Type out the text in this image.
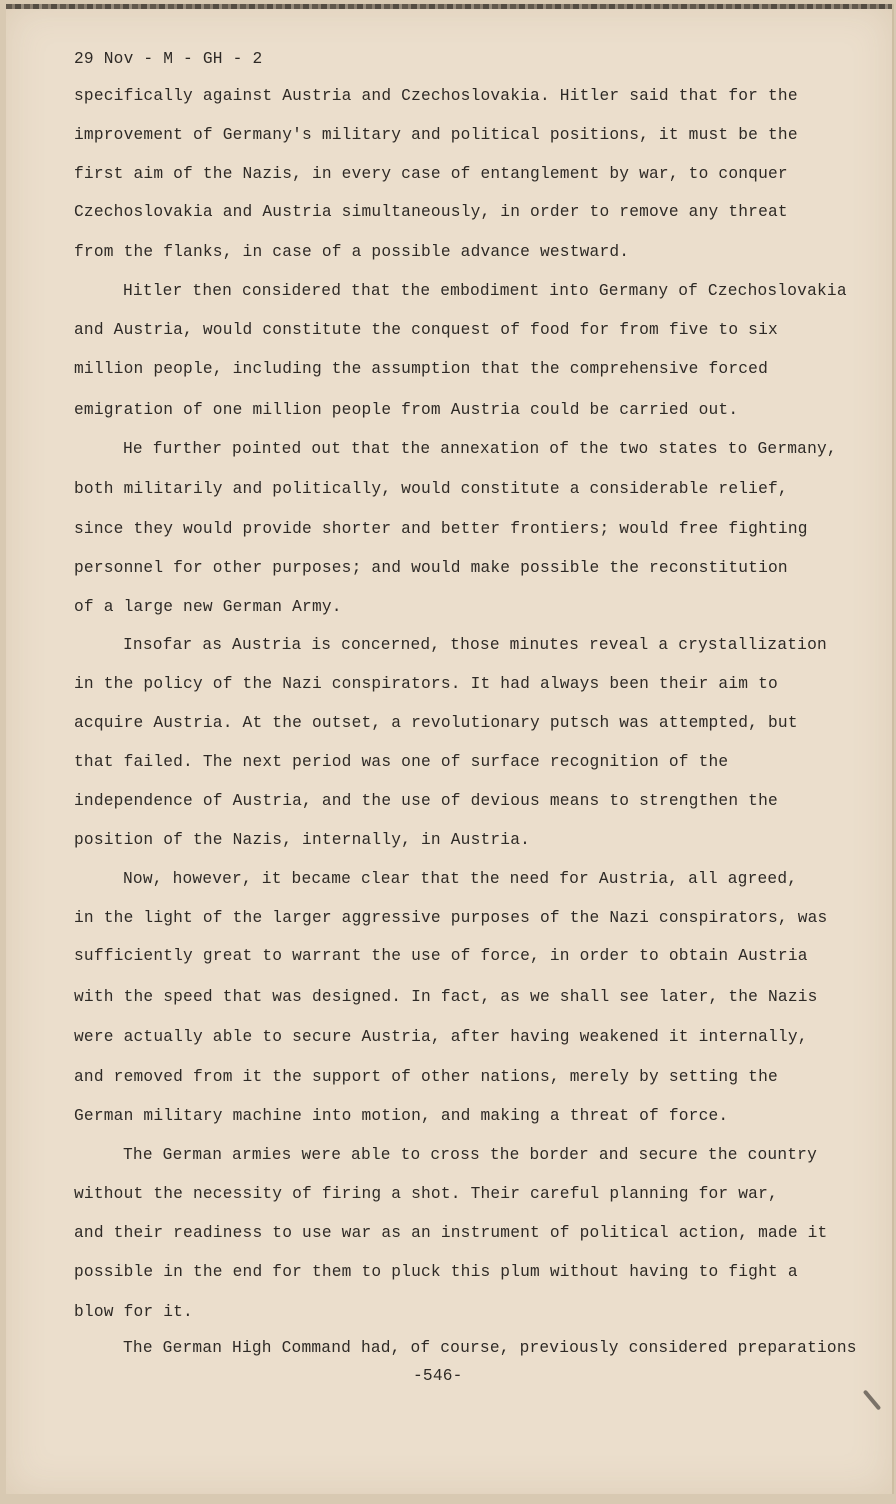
29 Nov - M - GH - 2
specifically against Austria and Czechoslovakia. Hitler said that for the
improvement of Germany's military and political positions, it must be the
first aim of the Nazis, in every case of entanglement by war, to conquer
Czechoslovakia and Austria simultaneously, in order to remove any threat
from the flanks, in case of a possible advance westward.
Hitler then considered that the embodiment into Germany of Czechoslovakia
and Austria, would constitute the conquest of food for from five to six
million people, including the assumption that the comprehensive forced
emigration of one million people from Austria could be carried out.
He further pointed out that the annexation of the two states to Germany,
both militarily and politically, would constitute a considerable relief,
since they would provide shorter and better frontiers; would free fighting
personnel for other purposes; and would make possible the reconstitution
of a large new German Army.
Insofar as Austria is concerned, those minutes reveal a crystallization
in the policy of the Nazi conspirators. It had always been their aim to
acquire Austria. At the outset, a revolutionary putsch was attempted, but
that failed. The next period was one of surface recognition of the
independence of Austria, and the use of devious means to strengthen the
position of the Nazis, internally, in Austria.
Now, however, it became clear that the need for Austria, all agreed,
in the light of the larger aggressive purposes of the Nazi conspirators, was
sufficiently great to warrant the use of force, in order to obtain Austria
with the speed that was designed. In fact, as we shall see later, the Nazis
were actually able to secure Austria, after having weakened it internally,
and removed from it the support of other nations, merely by setting the
German military machine into motion, and making a threat of force.
The German armies were able to cross the border and secure the country
without the necessity of firing a shot. Their careful planning for war,
and their readiness to use war as an instrument of political action, made it
possible in the end for them to pluck this plum without having to fight a
blow for it.
The German High Command had, of course, previously considered preparations
-546-
